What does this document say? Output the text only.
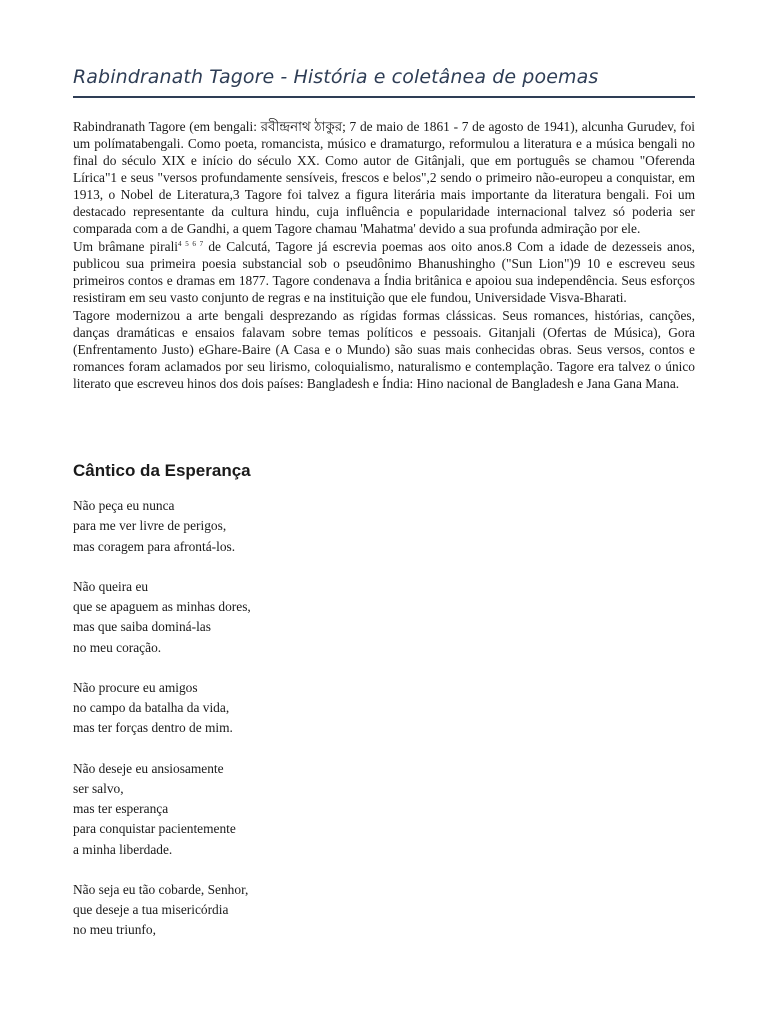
Rabindranath Tagore - História e coletânea de poemas

Rabindranath Tagore (em bengali: রবীন্দ্রনাথ ঠাকুর; 7 de maio de 1861 - 7 de agosto de 1941), alcunha Gurudev, foi um polímatabengali. Como poeta, romancista, músico e dramaturgo, reformulou a literatura e a música bengali no final do século XIX e início do século XX. Como autor de Gitânjali, que em português se chamou "Oferenda Lírica"1 e seus "versos profundamente sensíveis, frescos e belos",2 sendo o primeiro não-europeu a conquistar, em 1913, o Nobel de Literatura,3 Tagore foi talvez a figura literária mais importante da literatura bengali. Foi um destacado representante da cultura hindu, cuja influência e popularidade internacional talvez só poderia ser comparada com a de Gandhi, a quem Tagore chamau 'Mahatma' devido a sua profunda admiração por ele.

Um brâmane pirali$^{4 5 6 7}$ de Calcutá, Tagore já escrevia poemas aos oito anos.8 Com a idade de dezesseis anos, publicou sua primeira poesia substancial sob o pseudônimo Bhanushingho ("Sun Lion")9 10 e escreveu seus primeiros contos e dramas em 1877. Tagore condenava a Índia britânica e apoiou sua independência. Seus esforços resistiram em seu vasto conjunto de regras e na instituição que ele fundou, Universidade Visva-Bharati.

Tagore modernizou a arte bengali desprezando as rígidas formas clássicas. Seus romances, histórias, canções, danças dramáticas e ensaios falavam sobre temas políticos e pessoais. Gitanjali (Ofertas de Música), Gora (Enfrentamento Justo) eGhare-Baire (A Casa e o Mundo) são suas mais conhecidas obras. Seus versos, contos e romances foram aclamados por seu lirismo, coloquialismo, naturalismo e contemplação. Tagore era talvez o único literato que escreveu hinos dos dois países: Bangladesh e Índia: Hino nacional de Bangladesh e Jana Gana Mana.

Cântico da Esperança
Não peça eu nunca
para me ver livre de perigos,
mas coragem para afrontá-los.
Não queira eu
que se apaguem as minhas dores,
mas que saiba dominá-las
no meu coração.
Não procure eu amigos
no campo da batalha da vida,
mas ter forças dentro de mim.
Não deseje eu ansiosamente
ser salvo,
mas ter esperança
para conquistar pacientemente
a minha liberdade.
Não seja eu tão cobarde, Senhor,
que deseje a tua misericórdia
no meu triunfo,
